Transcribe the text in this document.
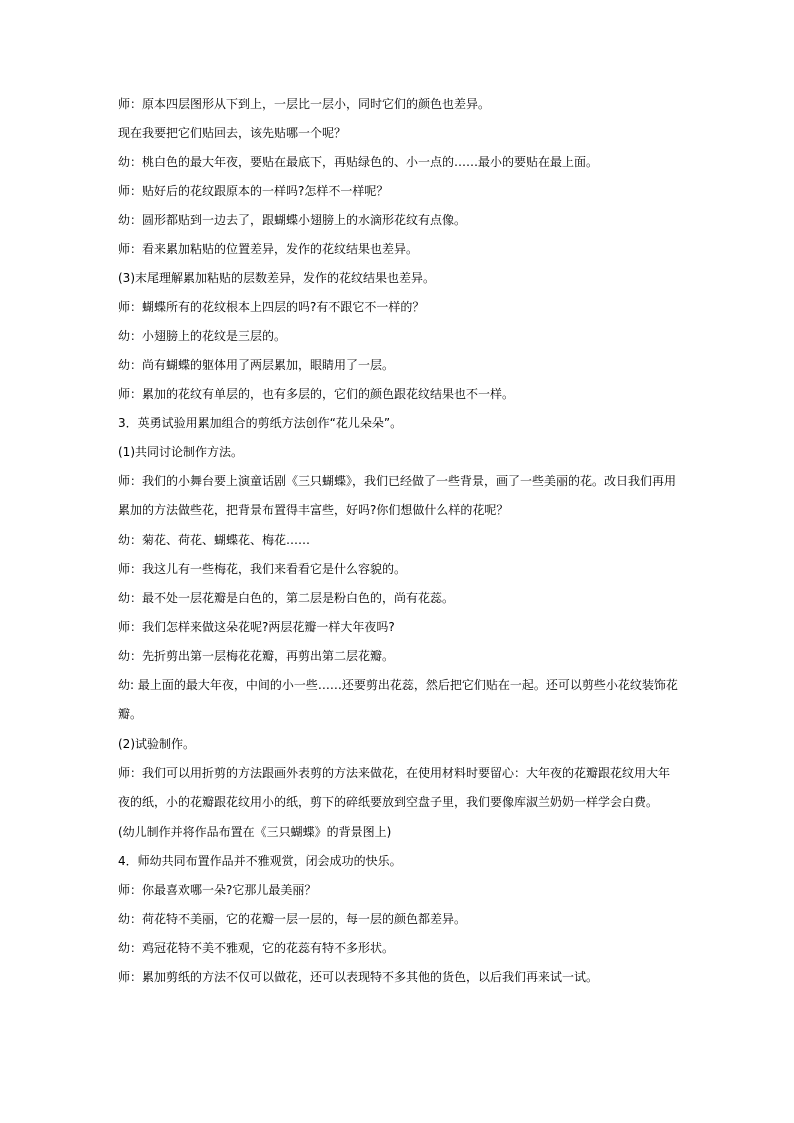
师：原本四层图形从下到上，一层比一层小，同时它们的颜色也差异。
现在我要把它们贴回去，该先贴哪一个呢？
幼：桃白色的最大年夜，要贴在最底下，再贴绿色的、小一点的……最小的要贴在最上面。
师：贴好后的花纹跟原本的一样吗?怎样不一样呢？
幼：圆形都贴到一边去了，跟蝴蝶小翅膀上的水滴形花纹有点像。
师：看来累加粘贴的位置差异，发作的花纹结果也差异。
(3)末尾理解累加粘贴的层数差异，发作的花纹结果也差异。
师：蝴蝶所有的花纹根本上四层的吗?有不跟它不一样的？
幼：小翅膀上的花纹是三层的。
幼：尚有蝴蝶的躯体用了两层累加，眼睛用了一层。
师：累加的花纹有单层的，也有多层的，它们的颜色跟花纹结果也不一样。
3．英勇试验用累加组合的剪纸方法创作“花儿朵朵”。
(1)共同讨论制作方法。
师：我们的小舞台要上演童话剧《三只蝴蝶》，我们已经做了一些背景，画了一些美丽的花。改日我们再用累加的方法做些花，把背景布置得丰富些，好吗?你们想做什么样的花呢？
幼：菊花、荷花、蝴蝶花、梅花……
师：我这儿有一些梅花，我们来看看它是什么容貌的。
幼：最不处一层花瓣是白色的，第二层是粉白色的，尚有花蕊。
师：我们怎样来做这朵花呢?两层花瓣一样大年夜吗?
幼：先折剪出第一层梅花花瓣，再剪出第二层花瓣。
幼: 最上面的最大年夜，中间的小一些……还要剪出花蕊，然后把它们贴在一起。还可以剪些小花纹装饰花瓣。
(2)试验制作。
师：我们可以用折剪的方法跟画外表剪的方法来做花，在使用材料时要留心：大年夜的花瓣跟花纹用大年夜的纸，小的花瓣跟花纹用小的纸，剪下的碎纸要放到空盘子里，我们要像库淑兰奶奶一样学会白费。
(幼儿制作并将作品布置在《三只蝴蝶》的背景图上)
4．师幼共同布置作品并不雅观赏，闭会成功的快乐。
师：你最喜欢哪一朵?它那儿最美丽？
幼：荷花特不美丽，它的花瓣一层一层的，每一层的颜色都差异。
幼：鸡冠花特不美不雅观，它的花蕊有特不多形状。
师：累加剪纸的方法不仅可以做花，还可以表现特不多其他的货色，以后我们再来试一试。
